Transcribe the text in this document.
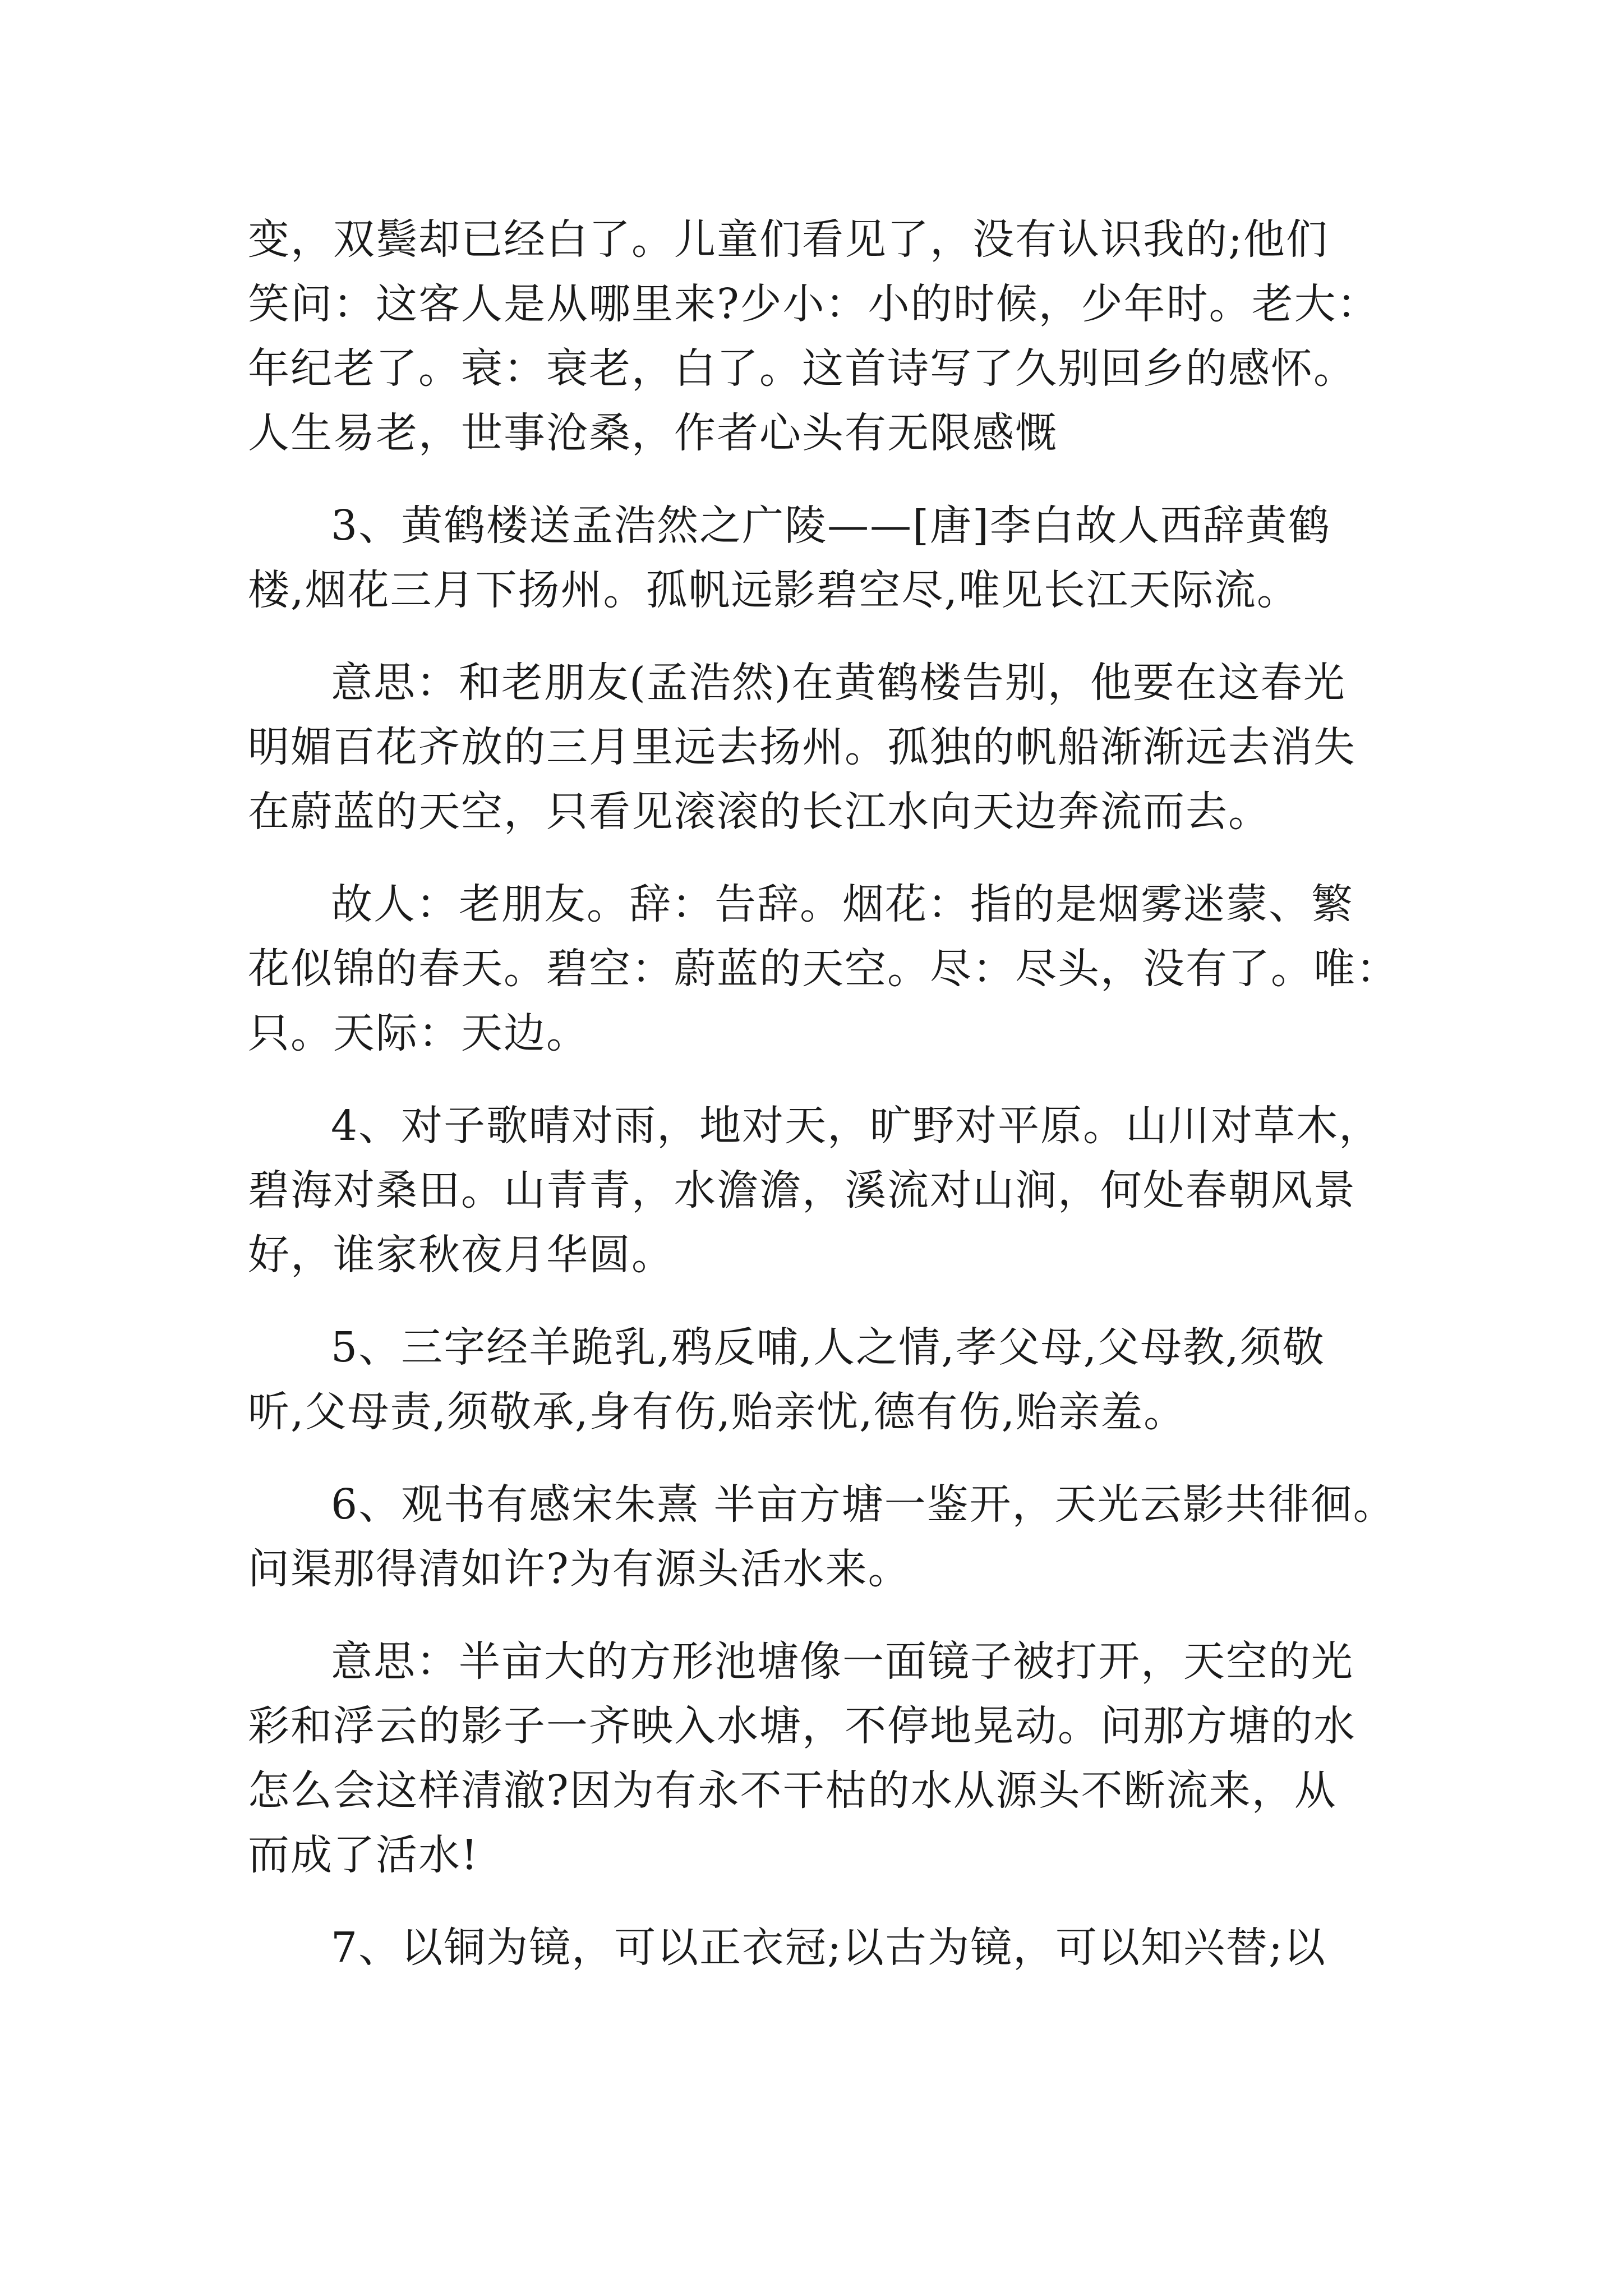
变，双鬓却已经白了。儿童们看见了，没有认识我的;他们
笑问：这客人是从哪里来?少小：小的时候，少年时。老大：
年纪老了。衰：衰老，白了。这首诗写了久别回乡的感怀。
人生易老，世事沧桑，作者心头有无限感慨
3、黄鹤楼送孟浩然之广陵——[唐]李白故人西辞黄鹤
楼,烟花三月下扬州。孤帆远影碧空尽,唯见长江天际流。
意思：和老朋友(孟浩然)在黄鹤楼告别，他要在这春光
明媚百花齐放的三月里远去扬州。孤独的帆船渐渐远去消失
在蔚蓝的天空，只看见滚滚的长江水向天边奔流而去。
故人：老朋友。辞：告辞。烟花：指的是烟雾迷蒙、繁
花似锦的春天。碧空：蔚蓝的天空。尽：尽头，没有了。唯：
只。天际：天边。
4、对子歌晴对雨，地对天，旷野对平原。山川对草木，
碧海对桑田。山青青，水澹澹，溪流对山涧，何处春朝风景
好，谁家秋夜月华圆。
5、三字经羊跪乳,鸦反哺,人之情,孝父母,父母教,须敬
听,父母责,须敬承,身有伤,贻亲忧,德有伤,贻亲羞。
6、观书有感宋朱熹 半亩方塘一鉴开，天光云影共徘徊。
问渠那得清如许?为有源头活水来。
意思：半亩大的方形池塘像一面镜子被打开，天空的光
彩和浮云的影子一齐映入水塘，不停地晃动。问那方塘的水
怎么会这样清澈?因为有永不干枯的水从源头不断流来，从
而成了活水!
7、以铜为镜，可以正衣冠;以古为镜，可以知兴替;以
